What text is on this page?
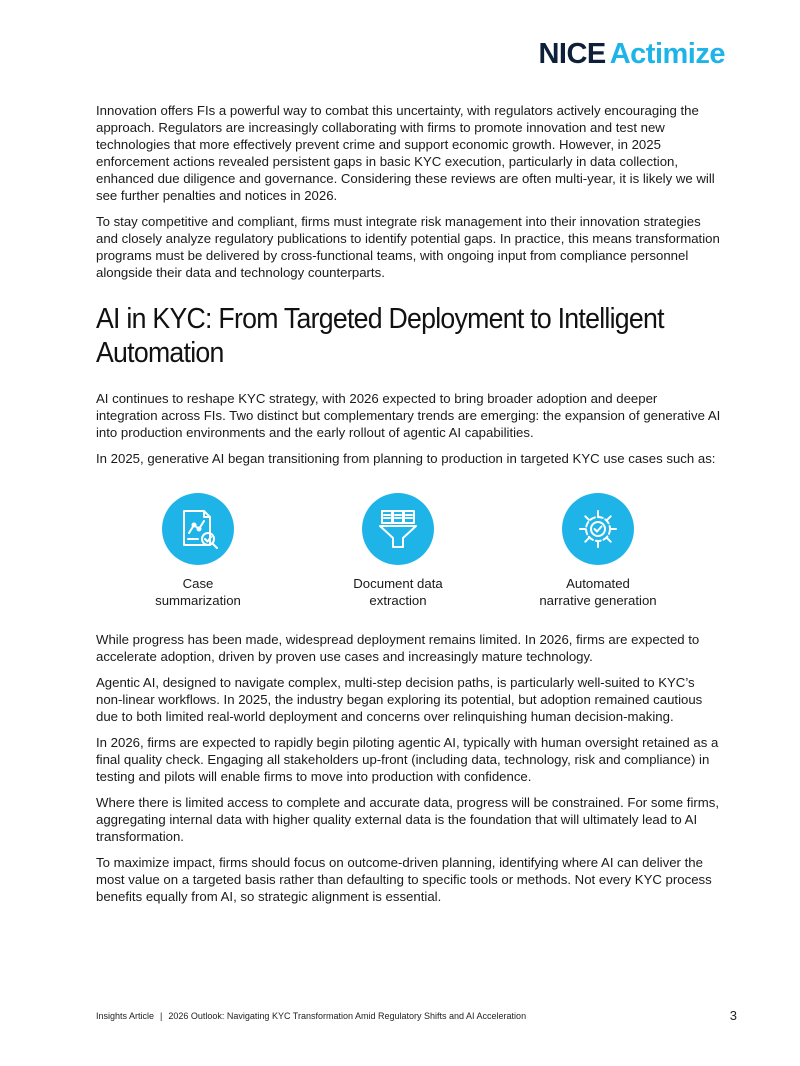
NICE Actimize

Innovation offers FIs a powerful way to combat this uncertainty, with regulators actively encouraging the approach. Regulators are increasingly collaborating with firms to promote innovation and test new technologies that more effectively prevent crime and support economic growth. However, in 2025 enforcement actions revealed persistent gaps in basic KYC execution, particularly in data collection, enhanced due diligence and governance. Considering these reviews are often multi-year, it is likely we will see further penalties and notices in 2026.

To stay competitive and compliant, firms must integrate risk management into their innovation strategies and closely analyze regulatory publications to identify potential gaps. In practice, this means transformation programs must be delivered by cross-functional teams, with ongoing input from compliance personnel alongside their data and technology counterparts.

AI in KYC: From Targeted Deployment to Intelligent Automation

AI continues to reshape KYC strategy, with 2026 expected to bring broader adoption and deeper integration across FIs. Two distinct but complementary trends are emerging: the expansion of generative AI into production environments and the early rollout of agentic AI capabilities.

In 2025, generative AI began transitioning from planning to production in targeted KYC use cases such as:

Case
summarization
Document data
extraction
Automated
narrative generation

While progress has been made, widespread deployment remains limited. In 2026, firms are expected to accelerate adoption, driven by proven use cases and increasingly mature technology.

Agentic AI, designed to navigate complex, multi-step decision paths, is particularly well-suited to KYC’s non-linear workflows. In 2025, the industry began exploring its potential, but adoption remained cautious due to both limited real-world deployment and concerns over relinquishing human decision-making.

In 2026, firms are expected to rapidly begin piloting agentic AI, typically with human oversight retained as a final quality check. Engaging all stakeholders up-front (including data, technology, risk and compliance) in testing and pilots will enable firms to move into production with confidence.

Where there is limited access to complete and accurate data, progress will be constrained. For some firms, aggregating internal data with higher quality external data is the foundation that will ultimately lead to AI transformation.

To maximize impact, firms should focus on outcome-driven planning, identifying where AI can deliver the most value on a targeted basis rather than defaulting to specific tools or methods. Not every KYC process benefits equally from AI, so strategic alignment is essential.

Insights Article | 2026 Outlook: Navigating KYC Transformation Amid Regulatory Shifts and AI Acceleration	3
